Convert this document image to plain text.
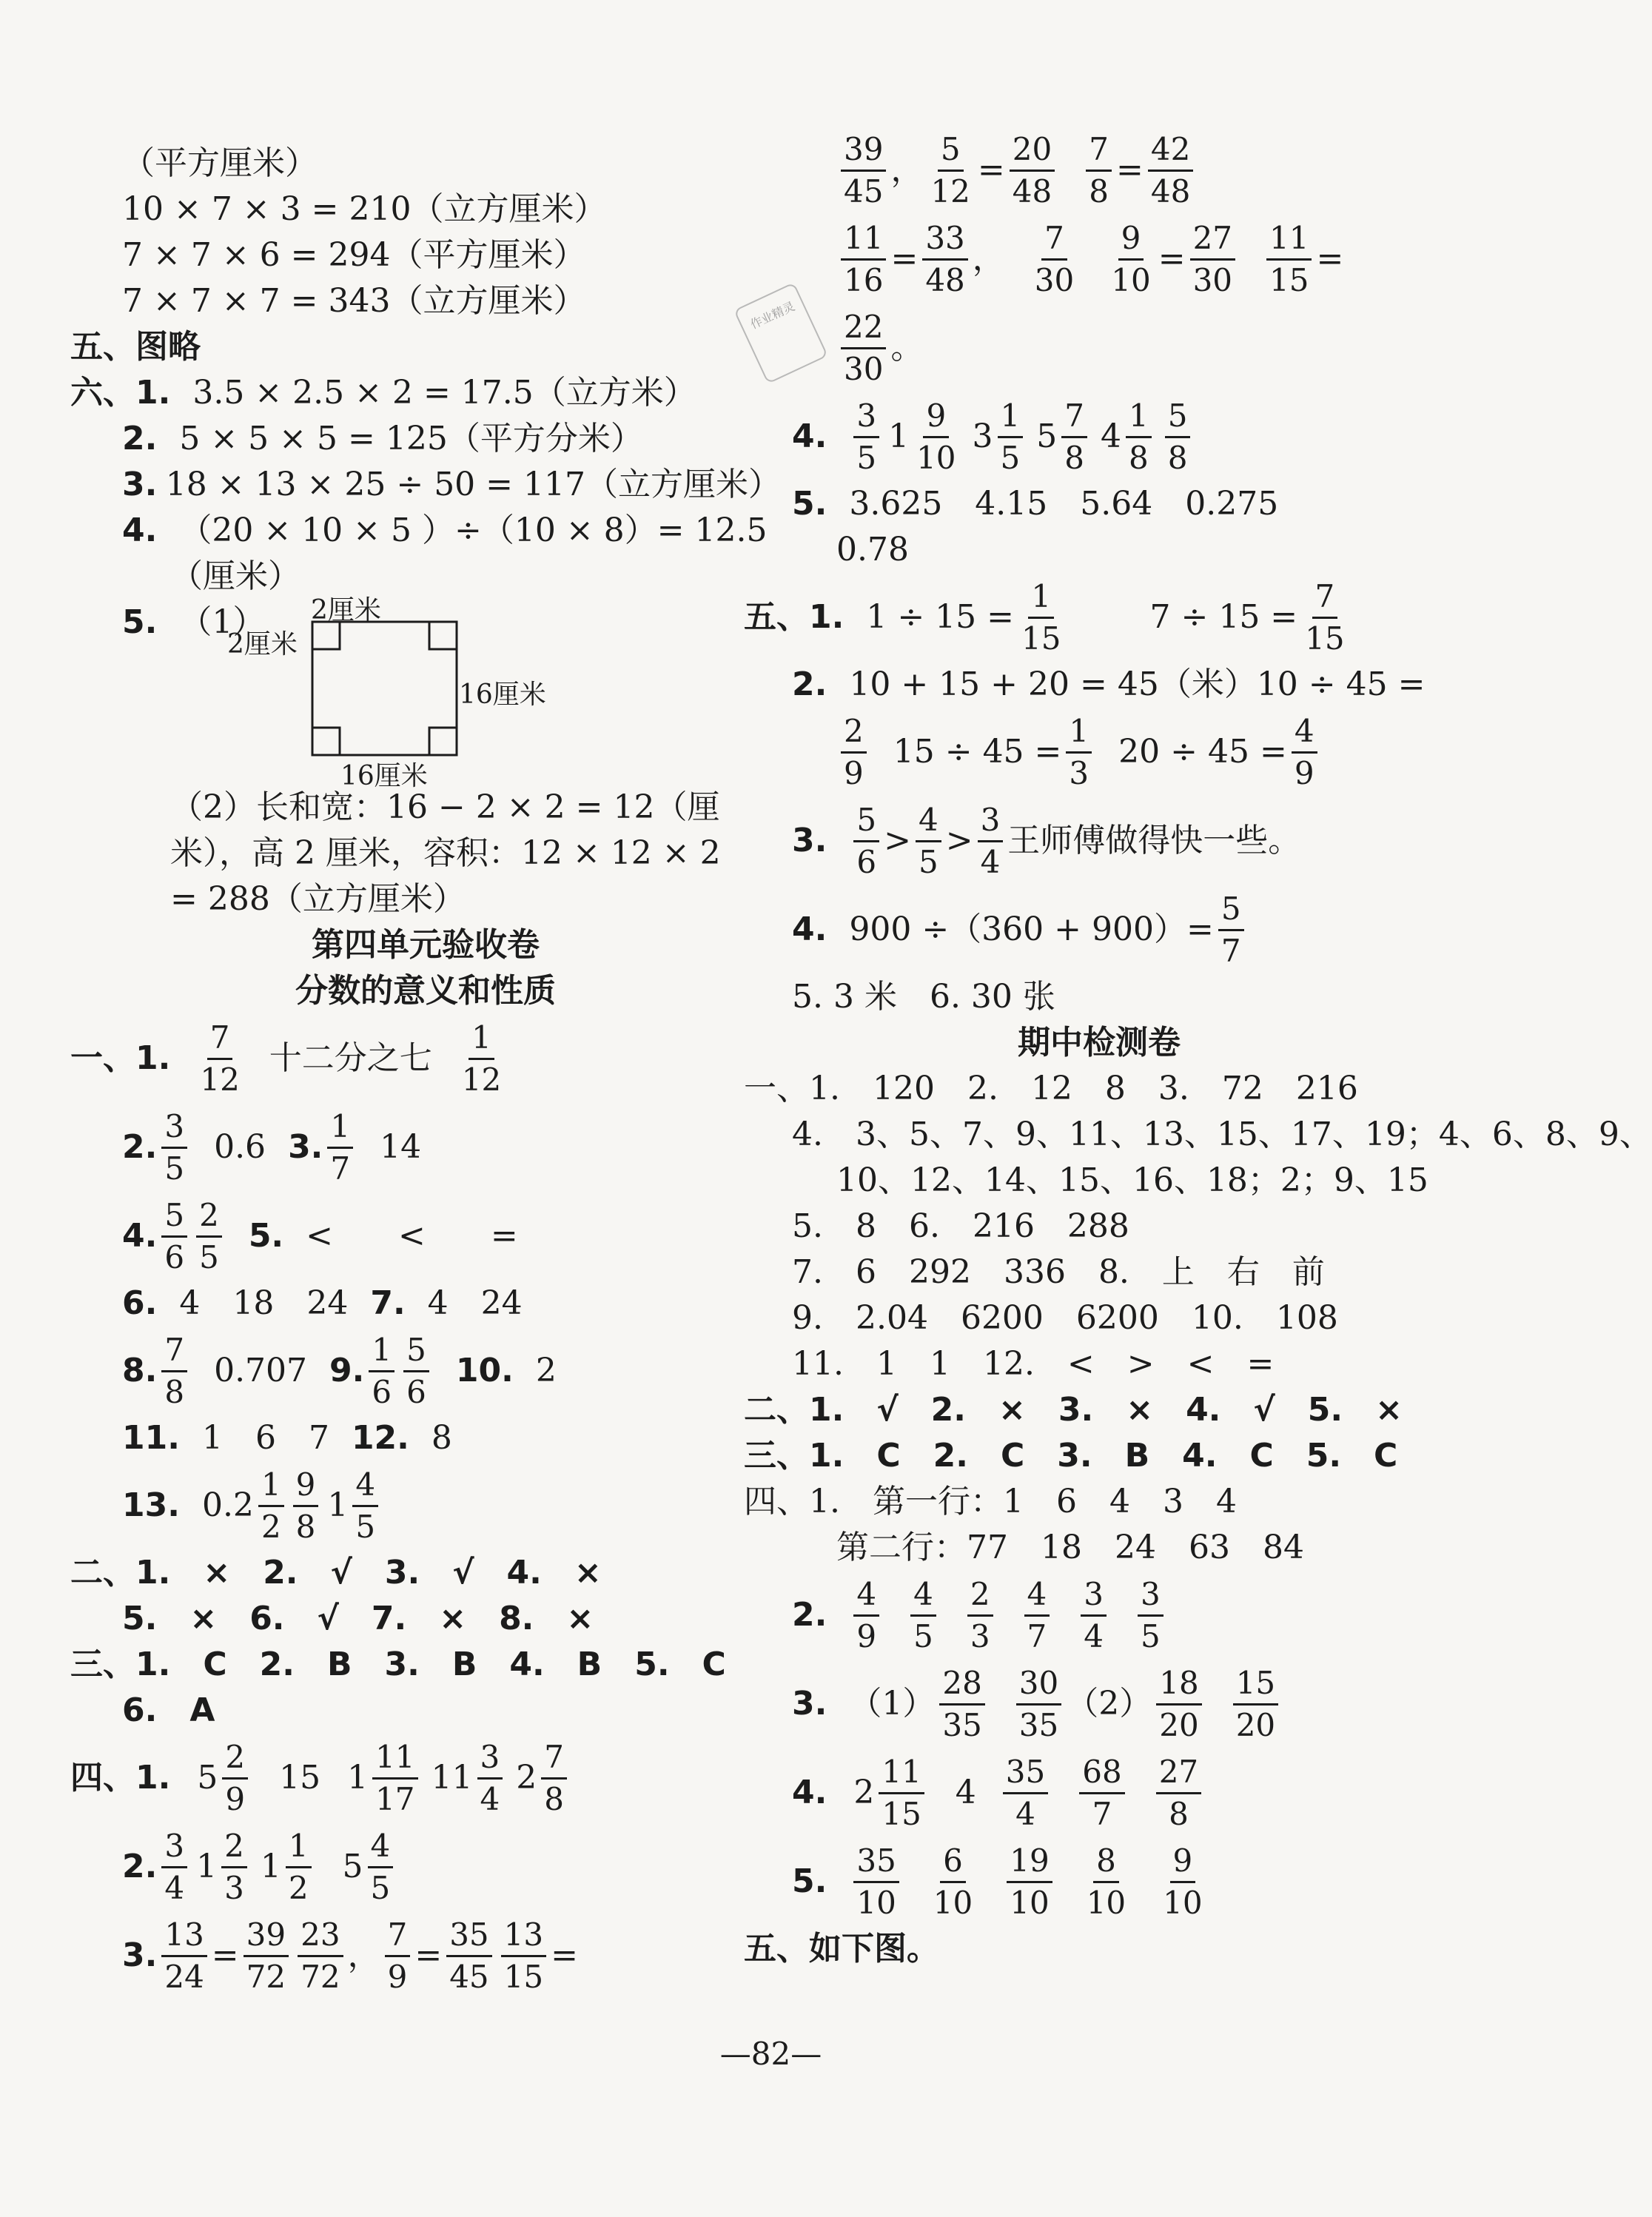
作业精灵
（平方厘米）
10 × 7 × 3 = 210（立方厘米）
7 × 7 × 6 = 294（平方厘米）
7 × 7 × 7 = 343（立方厘米）
五、图略
六、1. 3.5 × 2.5 × 2 = 17.5（立方米）
2. 5 × 5 × 5 = 125（平方分米）
3. 18 × 13 × 25 ÷ 50 = 117（立方厘米）
4. （20 × 10 × 5 ）÷（10 × 8）= 12.5
（厘米）
5. （1） 2厘米
2厘米
16厘米
16厘米
（2）长和宽：16 − 2 × 2 = 12（厘
米），高 2 厘米，容积：12 × 12 × 2
= 288（立方厘米）
第四单元验收卷
分数的意义和性质
一、1. $\frac{7}{12}$ 十二分之七 $\frac{1}{12}$
2. $\frac{3}{5} 0.6$ 3. $\frac{1}{7} 14$
4. $\frac{5}{6} \frac{2}{5} 5$. <　　<　　=
6. 4　18　24 7. 4　24
8. $\frac{7}{8} 0.707$ 9. $\frac{1}{6} \frac{5}{6} 10$. 2
11. 1　6　7 12. 8
13. $0.2 \frac{1}{2} \frac{9}{8} 1 \frac{4}{5}$
二、1.　×　2.　√　3.　√　4.　×
5.　×　6.　√　7.　×　8.　×
三、1.　C　2.　B　3.　B　4.　B　5.　C
6.　A
四、1. $5 \frac{2}{9} 15$ $1 \frac{11}{17} 11 \frac{3}{4} 2 \frac{7}{8}$
2. $\frac{3}{4} 1 \frac{2}{3} 1 \frac{1}{2} 5 \frac{4}{5}$
3. $\frac{13}{24} = \frac{39}{72} \frac{23}{72}$ ， $\frac{7}{9} = \frac{35}{45} \frac{13}{15}$ =
$\frac{39}{45}$ ， $\frac{5}{12} = \frac{20}{48} \frac{7}{8} = \frac{42}{48}$
$\frac{11}{16} = \frac{33}{48}$ ， $\frac{7}{30} \frac{9}{10} = \frac{27}{30} \frac{11}{15}$ =
$\frac{22}{30}$ 。
4. $\frac{3}{5} 1 \frac{9}{10} 3 \frac{1}{5} 5 \frac{7}{8} 4 \frac{1}{8} \frac{5}{8}$
5. 3.625　4.15　5.64　0.275
0.78
五、1. $1 \div 15 = \frac{1}{15}$	$7 \div 15 = \frac{7}{15}$
2. 10 + 15 + 20 = 45（米）10 ÷ 45 =
$\frac{2}{9} 15 \div 45 = \frac{1}{3} 20 \div 45 = \frac{4}{9}$
3. $\frac{5}{6} > \frac{4}{5} > \frac{3}{4}$ 王师傅做得快一些。
4. $900 \div(360 + 900)= \frac{5}{7}$
5. 3 米　6. 30 张
期中检测卷
一、1.　120　2.　12　8　3.　72　216
4.　3、5、7、9、11、13、15、17、19；4、6、8、9、
10、12、14、15、16、18；2；9、15
5.　8　6.　216　288
7.　6　292　336　8.　上　右　前
9.　2.04　6200　6200　10.　108
11.　1　1　12.　<　>　<　=
二、1.　√　2.　×　3.　×　4.　√　5.　×
三、1.　C　2.　C　3.　B　4.　C　5.　C
四、1.　第一行：1　6　4　3　4
第二行：77　18　24　63　84
2. $\frac{4}{9} \frac{4}{5} \frac{2}{3} \frac{4}{7} \frac{3}{4} \frac{3}{5}$
3. $(1) \frac{28}{35} \frac{30}{35} (2) \frac{18}{20} \frac{15}{20}$
4. $2 \frac{11}{15} 4 \frac{35}{4} \frac{68}{7} \frac{27}{8}$
5. $\frac{35}{10} \frac{6}{10} \frac{19}{10} \frac{8}{10} \frac{9}{10}$
五、如下图。
—82—
